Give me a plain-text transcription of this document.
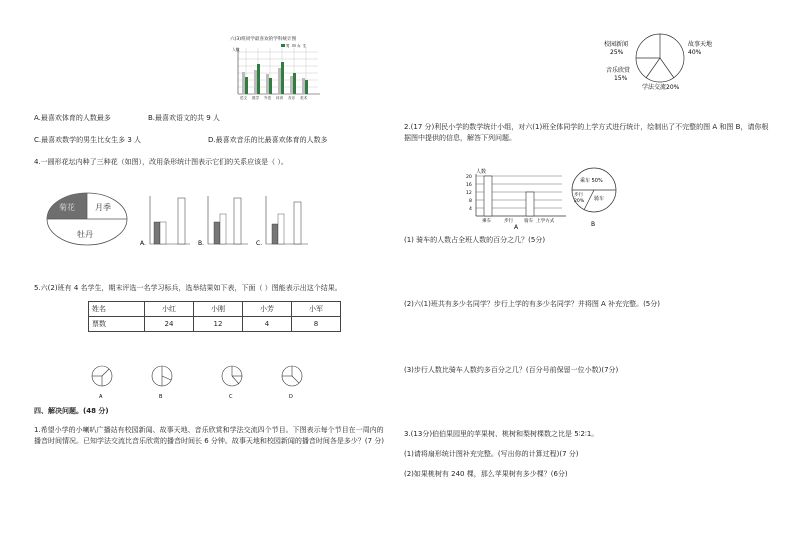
六(3)班同学最喜欢的学科统计图
人数
男 女 生
语文 数学 外语 体育 音乐 美术
A.最喜欢体育的人数最多	B.最喜欢语文的共 9 人
C.最喜欢数学的男生比女生多 3 人	D.最喜欢音乐的比最喜欢体育的人数多
4.一圆形花坛内种了三种花（如图），改用条形统计图表示它们的关系应该是（ ）。
菊花	月季
牡丹
A.	B.	C.
5.六(2)班有 4 名学生，期末评选一名学习标兵，选举结果如下表，下面（ ）图能表示出这个结果。
姓名	小红	小刚	小芳	小军
票数	24	12	4	8
A	B	C	D
四、解决问题。(48 分)
1.希望小学的小喇叭广播站有校园新闻、故事天地、音乐欣赏和学法交流四个节目。下图表示每个节目在一周内的播音时间情况。已知学法交流比音乐欣赏的播音时间长 6 分钟。故事天地和校园新闻的播音时间各是多少？(7 分)
校园新闻
25%
故事天地
40%
音乐欣赏
15%
学法交流20%
2.(17 分)利民小学的数学统计小组，对六(1)班全体同学的上学方式进行统计，绘制出了不完整的图 A 和图 B，请你根据图中提供的信息，解答下列问题。
人数
20
16
12
8
4
乘车	步行 骑车 上学方式
A
乘车 50%
步行
20% 骑车
B
(1) 骑车的人数占全班人数的百分之几？(5分)
(2)六(1)班共有多少名同学？步行上学的有多少名同学？并将图 A 补充完整。(5分)
(3)步行人数比骑车人数约多百分之几？(百分号前保留一位小数)(7分)
3.(13分)伯伯果园里的苹果树、桃树和梨树棵数之比是 5∶2∶1。
(1)请将扇形统计图补充完整。(写出你的计算过程)(7 分)
(2)如果桃树有 240 棵，那么苹果树有多少棵？(6分)
